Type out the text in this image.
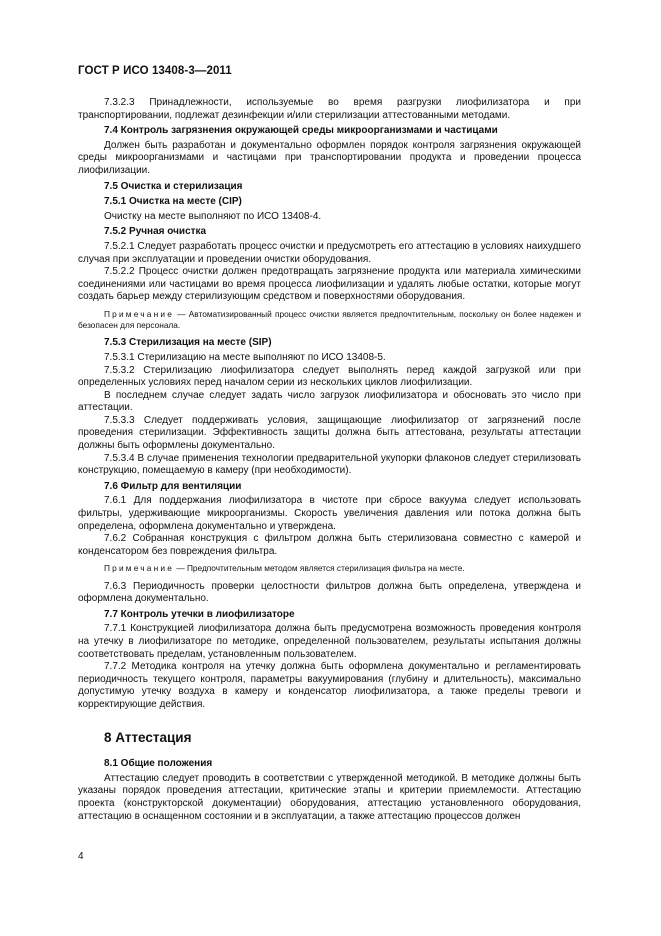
ГОСТ Р ИСО 13408-3—2011
7.3.2.3 Принадлежности, используемые во время разгрузки лиофилизатора и при транспортировании, подлежат дезинфекции и/или стерилизации аттестованными методами.
7.4 Контроль загрязнения окружающей среды микроорганизмами и частицами
Должен быть разработан и документально оформлен порядок контроля загрязнения окружающей среды микроорганизмами и частицами при транспортировании продукта и проведении процесса лиофилизации.
7.5 Очистка и стерилизация
7.5.1 Очистка на месте (CIP)
Очистку на месте выполняют по ИСО 13408-4.
7.5.2 Ручная очистка
7.5.2.1 Следует разработать процесс очистки и предусмотреть его аттестацию в условиях наихудшего случая при эксплуатации и проведении очистки оборудования.
7.5.2.2 Процесс очистки должен предотвращать загрязнение продукта или материала химическими соединениями или частицами во время процесса лиофилизации и удалять любые остатки, которые могут создать барьер между стерилизующим средством и поверхностями оборудования.
Примечание — Автоматизированный процесс очистки является предпочтительным, поскольку он более надежен и безопасен для персонала.
7.5.3 Стерилизация на месте (SIP)
7.5.3.1 Стерилизацию на месте выполняют по ИСО 13408-5.
7.5.3.2 Стерилизацию лиофилизатора следует выполнять перед каждой загрузкой или при определенных условиях перед началом серии из нескольких циклов лиофилизации.
В последнем случае следует задать число загрузок лиофилизатора и обосновать это число при аттестации.
7.5.3.3 Следует поддерживать условия, защищающие лиофилизатор от загрязнений после проведения стерилизации. Эффективность защиты должна быть аттестована, результаты аттестации должны быть оформлены документально.
7.5.3.4 В случае применения технологии предварительной укупорки флаконов следует стерилизовать конструкцию, помещаемую в камеру (при необходимости).
7.6 Фильтр для вентиляции
7.6.1 Для поддержания лиофилизатора в чистоте при сбросе вакуума следует использовать фильтры, удерживающие микроорганизмы. Скорость увеличения давления или потока должна быть определена, оформлена документально и утверждена.
7.6.2 Собранная конструкция с фильтром должна быть стерилизована совместно с камерой и конденсатором без повреждения фильтра.
Примечание — Предпочтительным методом является стерилизация фильтра на месте.
7.6.3 Периодичность проверки целостности фильтров должна быть определена, утверждена и оформлена документально.
7.7 Контроль утечки в лиофилизаторе
7.7.1 Конструкцией лиофилизатора должна быть предусмотрена возможность проведения контроля на утечку в лиофилизаторе по методике, определенной пользователем, результаты испытания должны соответствовать пределам, установленным пользователем.
7.7.2 Методика контроля на утечку должна быть оформлена документально и регламентировать периодичность текущего контроля, параметры вакуумирования (глубину и длительность), максимально допустимую утечку воздуха в камеру и конденсатор лиофилизатора, а также пределы тревоги и корректирующие действия.
8 Аттестация
8.1 Общие положения
Аттестацию следует проводить в соответствии с утвержденной методикой. В методике должны быть указаны порядок проведения аттестации, критические этапы и критерии приемлемости. Аттестацию проекта (конструкторской документации) оборудования, аттестацию установленного оборудования, аттестацию в оснащенном состоянии и в эксплуатации, а также аттестацию процессов должен
4
